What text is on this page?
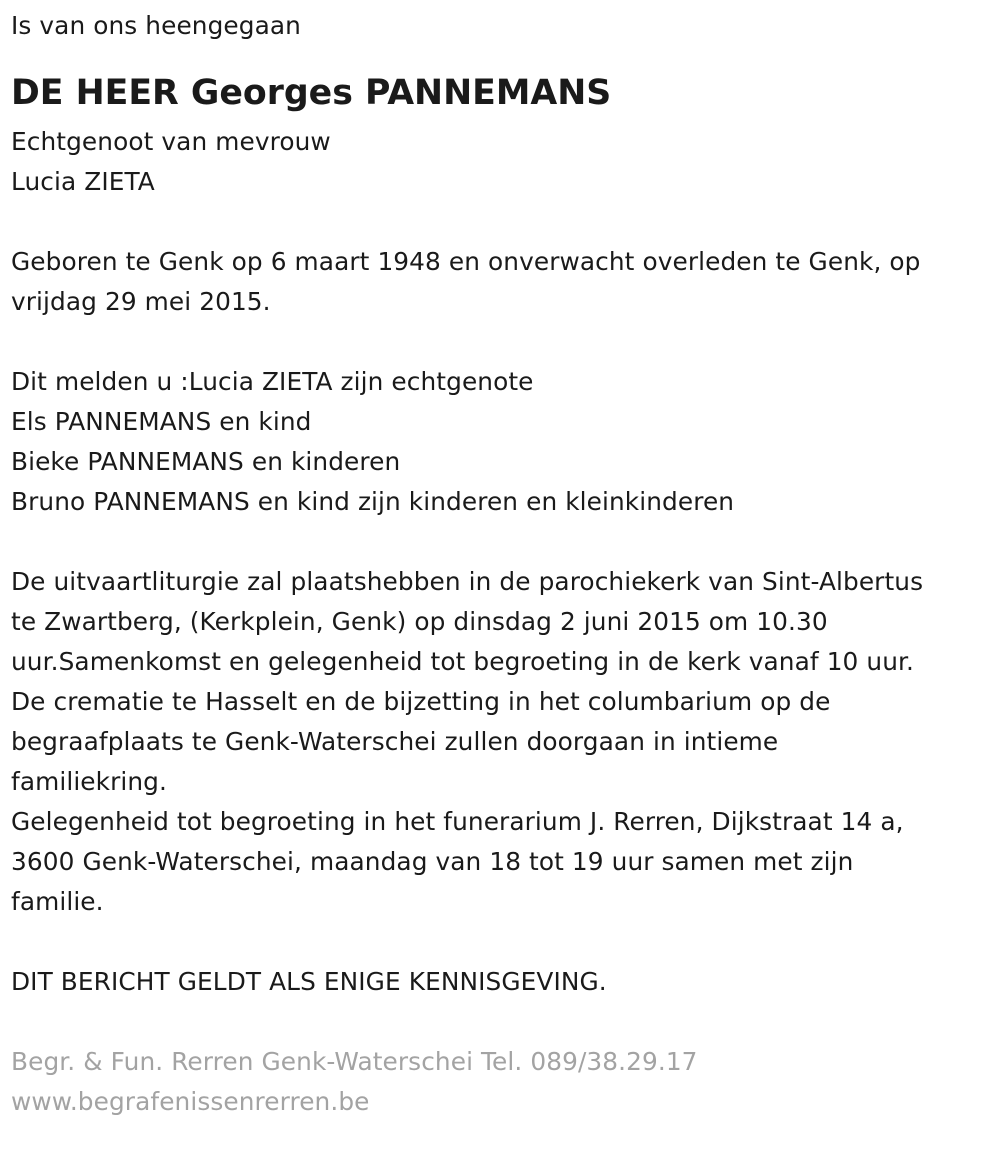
Is van ons heengegaan
DE HEER Georges PANNEMANS
Echtgenoot van mevrouw
Lucia ZIETA
Geboren te Genk op 6 maart 1948 en onverwacht overleden te Genk, op
vrijdag 29 mei 2015.
Dit melden u :Lucia ZIETA zijn echtgenote
Els PANNEMANS en kind
Bieke PANNEMANS en kinderen
Bruno PANNEMANS en kind zijn kinderen en kleinkinderen
De uitvaartliturgie zal plaatshebben in de parochiekerk van Sint-Albertus
te Zwartberg, (Kerkplein, Genk) op dinsdag 2 juni 2015 om 10.30
uur.Samenkomst en gelegenheid tot begroeting in de kerk vanaf 10 uur.
De crematie te Hasselt en de bijzetting in het columbarium op de
begraafplaats te Genk-Waterschei zullen doorgaan in intieme
familiekring.
Gelegenheid tot begroeting in het funerarium J. Rerren, Dijkstraat 14 a,
3600 Genk-Waterschei, maandag van 18 tot 19 uur samen met zijn
familie.
DIT BERICHT GELDT ALS ENIGE KENNISGEVING.
Begr. & Fun. Rerren Genk-Waterschei Tel. 089/38.29.17
www.begrafenissenrerren.be
